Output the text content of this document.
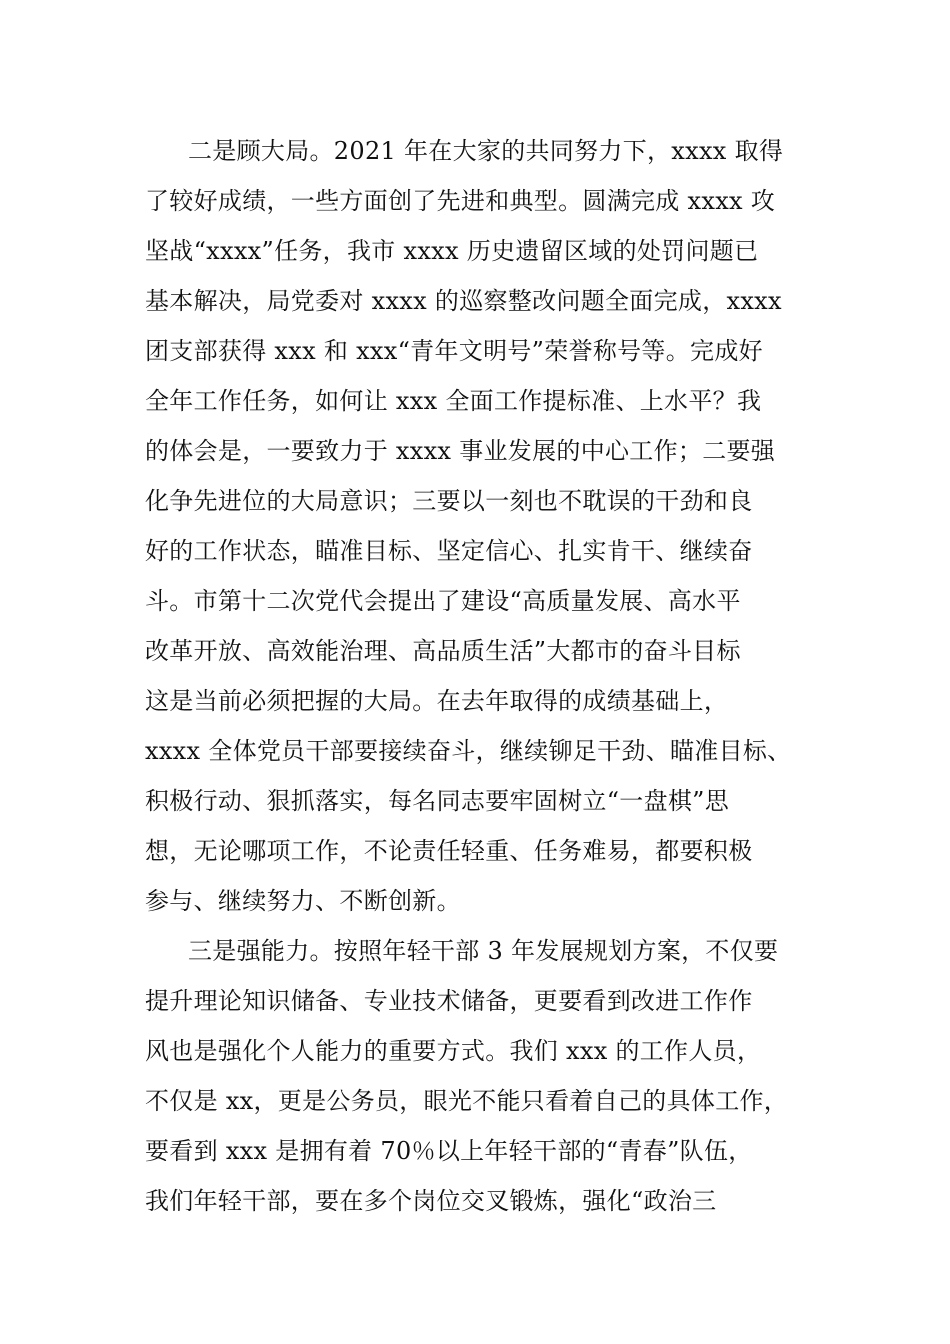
二是顾大局。2021 年在大家的共同努力下，xxxx 取得
了较好成绩，一些方面创了先进和典型。圆满完成 xxxx 攻
坚战“xxxx”任务，我市 xxxx 历史遗留区域的处罚问题已
基本解决，局党委对 xxxx 的巡察整改问题全面完成，xxxx
团支部获得 xxx 和 xxx“青年文明号”荣誉称号等。完成好
全年工作任务，如何让 xxx 全面工作提标准、上水平？我
的体会是，一要致力于 xxxx 事业发展的中心工作；二要强
化争先进位的大局意识；三要以一刻也不耽误的干劲和良
好的工作状态，瞄准目标、坚定信心、扎实肯干、继续奋
斗。市第十二次党代会提出了建设“高质量发展、高水平
改革开放、高效能治理、高品质生活”大都市的奋斗目标
这是当前必须把握的大局。在去年取得的成绩基础上，
xxxx 全体党员干部要接续奋斗，继续铆足干劲、瞄准目标、
积极行动、狠抓落实，每名同志要牢固树立“一盘棋”思
想，无论哪项工作，不论责任轻重、任务难易，都要积极
参与、继续努力、不断创新。
三是强能力。按照年轻干部 3 年发展规划方案，不仅要
提升理论知识储备、专业技术储备，更要看到改进工作作
风也是强化个人能力的重要方式。我们 xxx 的工作人员，
不仅是 xx，更是公务员，眼光不能只看着自己的具体工作，
要看到 xxx 是拥有着 70％以上年轻干部的“青春”队伍，
我们年轻干部，要在多个岗位交叉锻炼，强化“政治三
